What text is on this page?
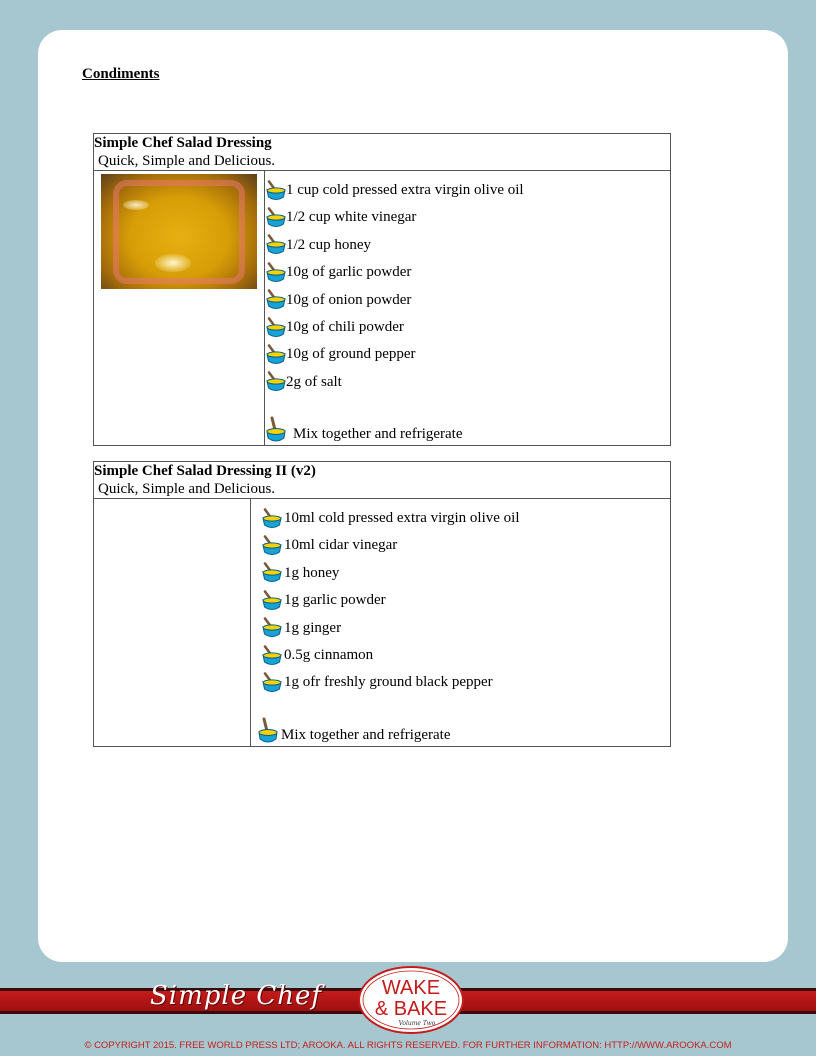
Condiments
Simple Chef Salad Dressing
Quick, Simple and Delicious.

1 cup cold pressed extra virgin olive oil
1/2 cup white vinegar
1/2 cup honey
10g of garlic powder
10g of onion powder
10g of chili powder
10g of ground pepper
2g of salt
Mix together and refrigerate
Simple Chef Salad Dressing II (v2)
Quick, Simple and Delicious.

10ml cold pressed extra virgin olive oil
10ml cidar vinegar
1g honey
1g garlic powder
1g ginger
0.5g cinnamon
1g ofr freshly ground black pepper
Mix together and refrigerate
Simple Chef	WAKE
& BAKE
Volume Two
© COPYRIGHT 2015. FREE WORLD PRESS LTD; AROOKA. ALL RIGHTS RESERVED. FOR FURTHER INFORMATION: HTTP://WWW.AROOKA.COM
